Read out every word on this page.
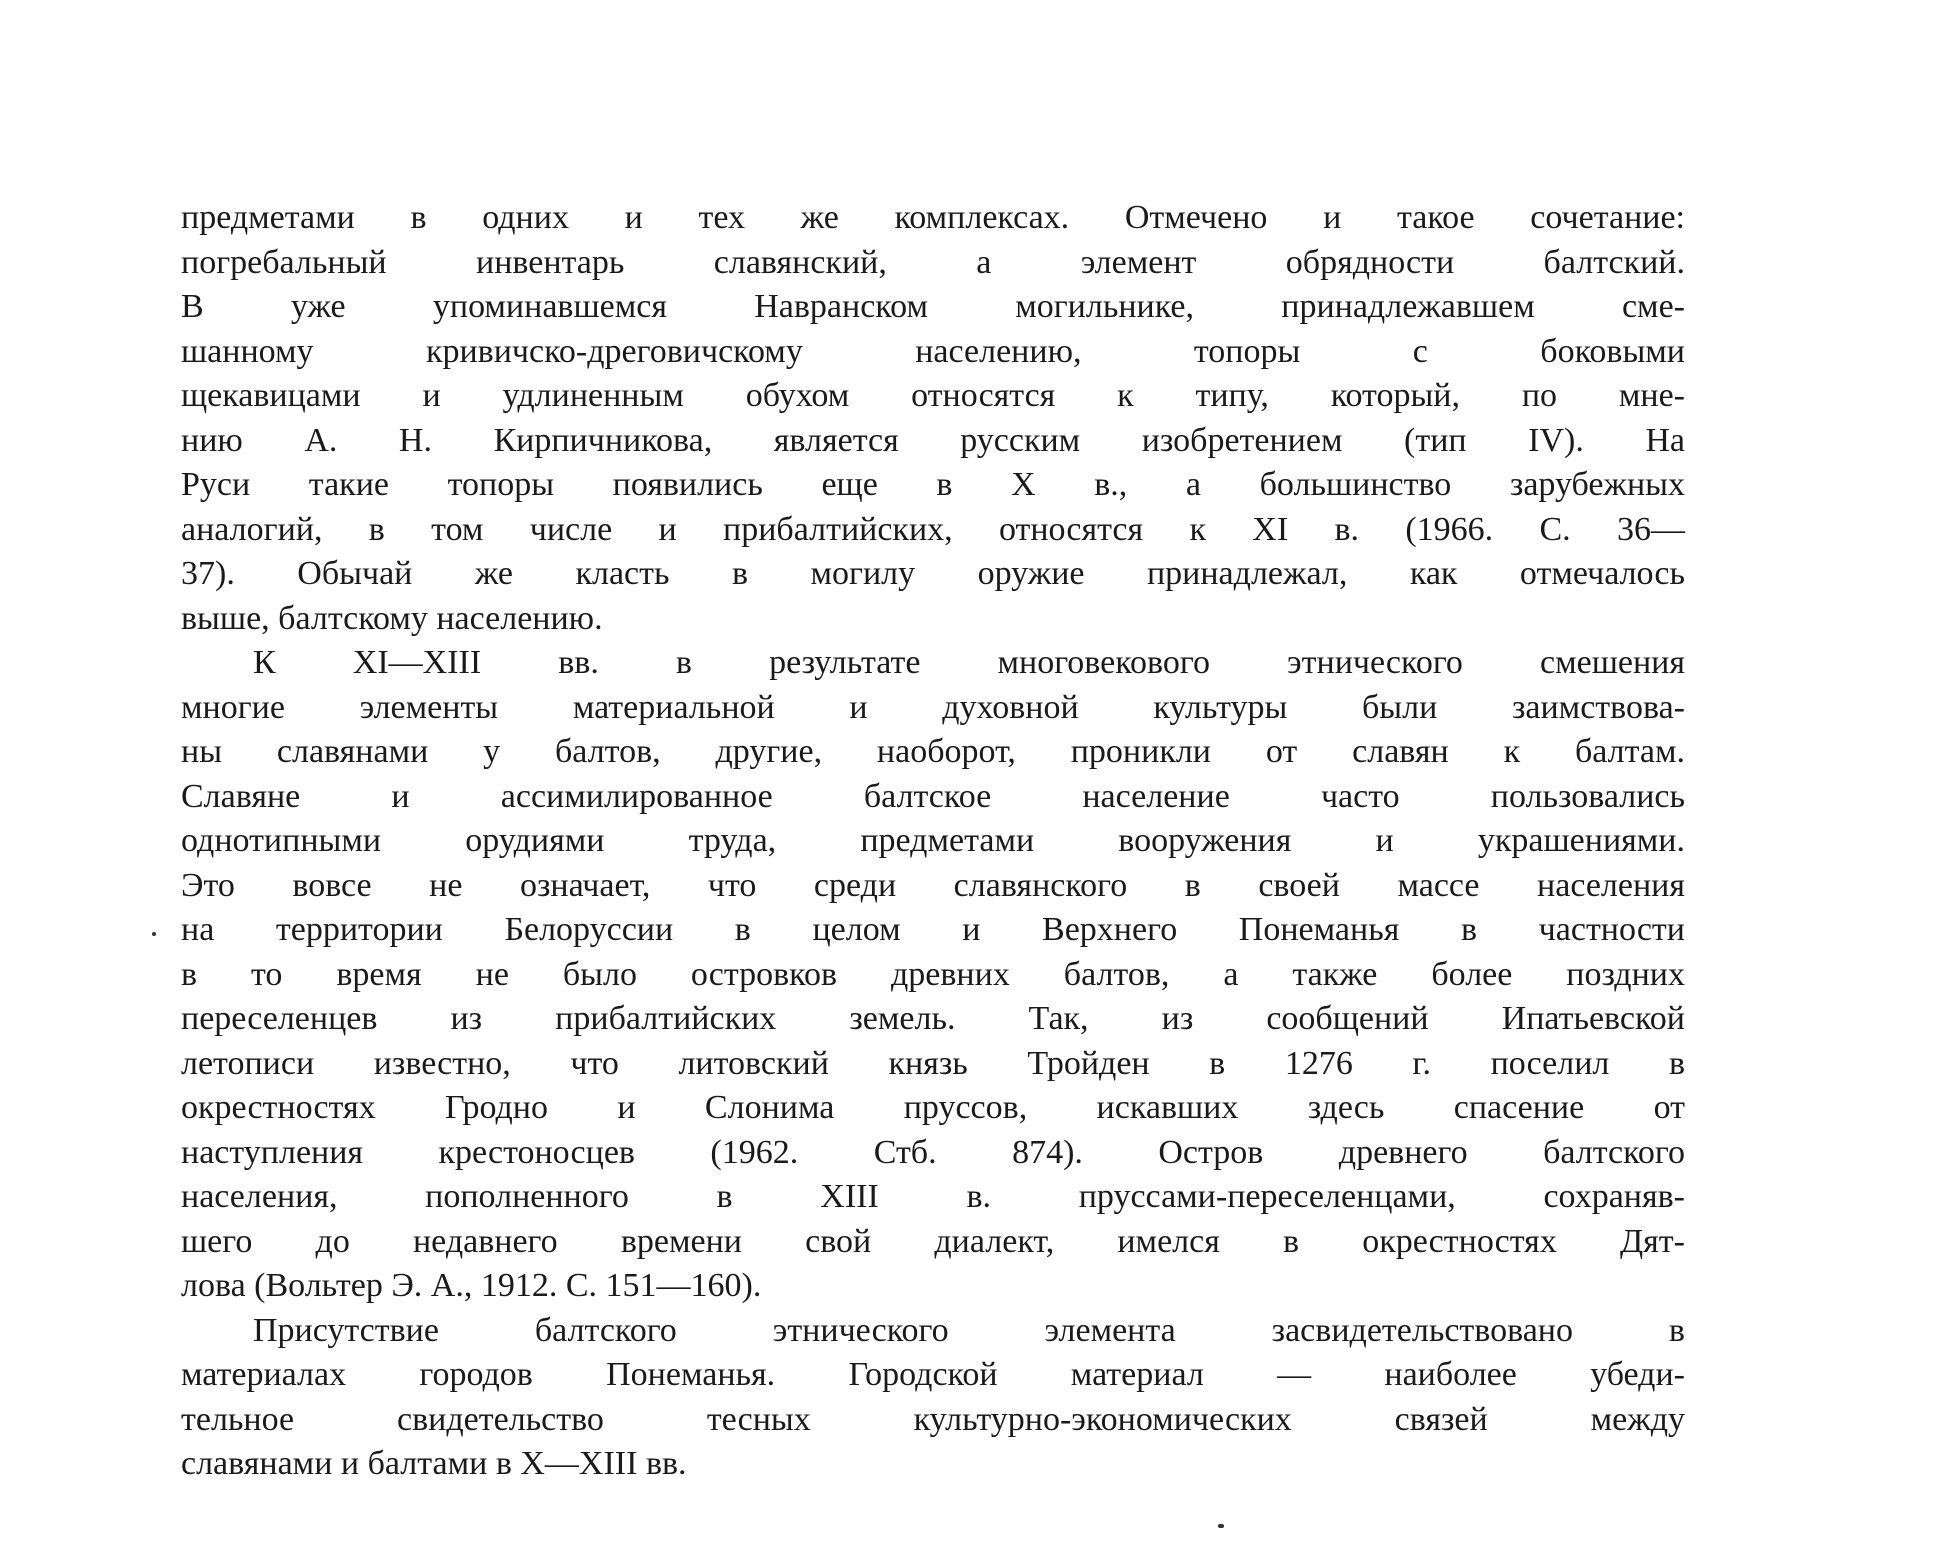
предметами в одних и тех же комплексах. Отмечено и такое сочетание:
погребальный инвентарь славянский, а элемент обрядности балтский.
В уже упоминавшемся Навранском могильнике, принадлежавшем сме-
шанному кривичско-дреговичскому населению, топоры с боковыми
щекавицами и удлиненным обухом относятся к типу, который, по мне-
нию А. Н. Кирпичникова, является русским изобретением (тип IV). На
Руси такие топоры появились еще в X в., а большинство зарубежных
аналогий, в том числе и прибалтийских, относятся к XI в. (1966. С. 36—
37). Обычай же класть в могилу оружие принадлежал, как отмечалось
выше, балтскому населению.
К XI—XIII вв. в результате многовекового этнического смешения
многие элементы материальной и духовной культуры были заимствова-
ны славянами у балтов, другие, наоборот, проникли от славян к балтам.
Славяне и ассимилированное балтское население часто пользовались
однотипными орудиями труда, предметами вооружения и украшениями.
Это вовсе не означает, что среди славянского в своей массе населения
на территории Белоруссии в целом и Верхнего Понеманья в частности
в то время не было островков древних балтов, а также более поздних
переселенцев из прибалтийских земель. Так, из сообщений Ипатьевской
летописи известно, что литовский князь Тройден в 1276 г. поселил в
окрестностях Гродно и Слонима пруссов, искавших здесь спасение от
наступления крестоносцев (1962. Стб. 874). Остров древнего балтского
населения, пополненного в XIII в. пруссами-переселенцами, сохраняв-
шего до недавнего времени свой диалект, имелся в окрестностях Дят-
лова (Вольтер Э. А., 1912. С. 151—160).
Присутствие балтского этнического элемента засвидетельствовано в
материалах городов Понеманья. Городской материал — наиболее убеди-
тельное свидетельство тесных культурно-экономических связей между
славянами и балтами в X—XIII вв.
